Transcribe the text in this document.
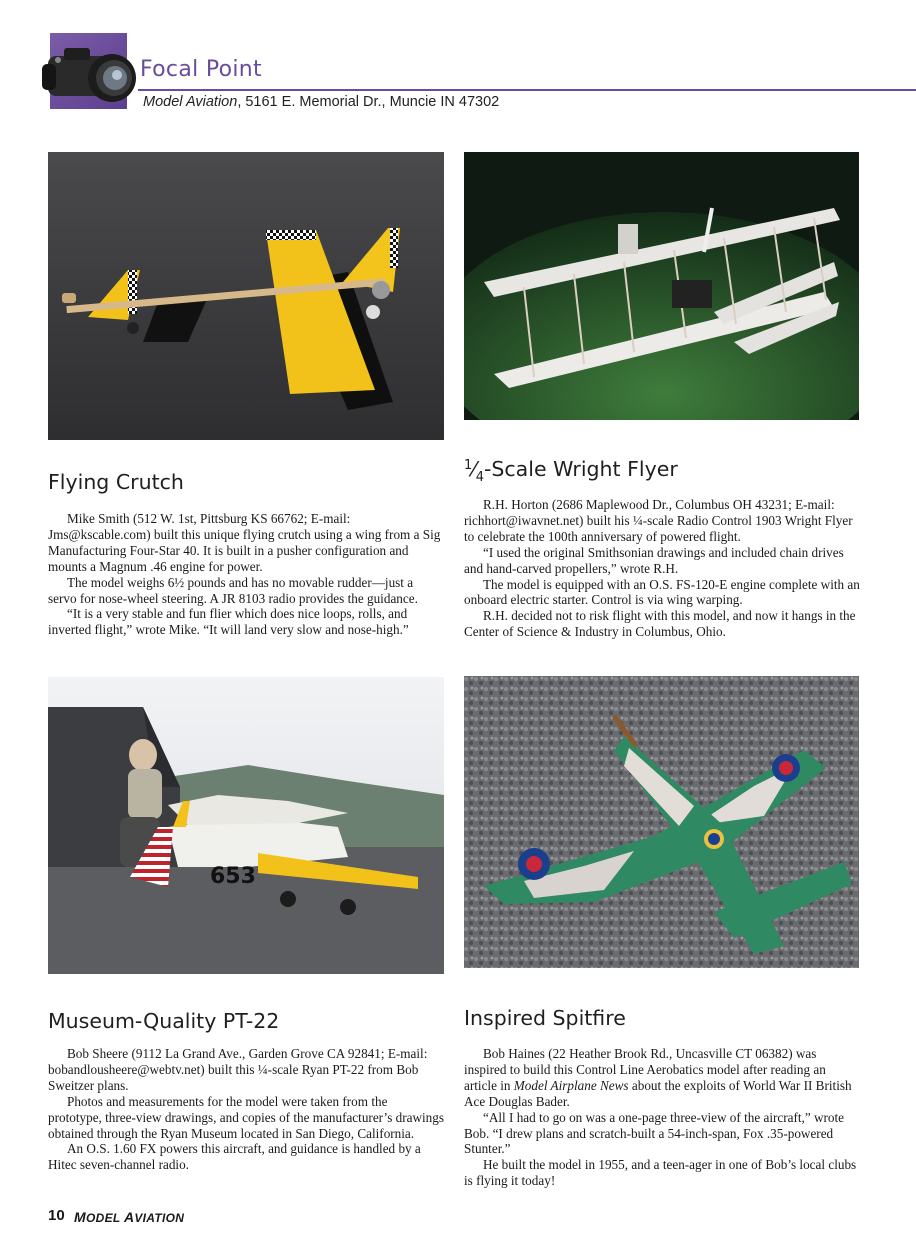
Focal Point
Model Aviation, 5161 E. Memorial Dr., Muncie IN 47302
Flying Crutch

Mike Smith (512 W. 1st, Pittsburg KS 66762; E-mail: Jms@kscable.com) built this unique flying crutch using a wing from a Sig Manufacturing Four-Star 40. It is built in a pusher configuration and mounts a Magnum .46 engine for power.

The model weighs 6½ pounds and has no movable rudder—just a servo for nose-wheel steering. A JR 8103 radio provides the guidance.

“It is a very stable and fun flier which does nice loops, rolls, and inverted flight,” wrote Mike. “It will land very slow and nose-high.”

$^1⁄_4$-Scale Wright Flyer

R.H. Horton (2686 Maplewood Dr., Columbus OH 43231; E-mail: richhort@iwavnet.net) built his ¼-scale Radio Control 1903 Wright Flyer to celebrate the 100th anniversary of powered flight.

“I used the original Smithsonian drawings and included chain drives and hand-carved propellers,” wrote R.H.

The model is equipped with an O.S. FS-120-E engine complete with an onboard electric starter. Control is via wing warping.

R.H. decided not to risk flight with this model, and now it hangs in the Center of Science & Industry in Columbus, Ohio.

653
Museum-Quality PT-22

Bob Sheere (9112 La Grand Ave., Garden Grove CA 92841; E-mail: bobandlousheere@webtv.net) built this ¼-scale Ryan PT-22 from Bob Sweitzer plans.

Photos and measurements for the model were taken from the prototype, three-view drawings, and copies of the manufacturer’s drawings obtained through the Ryan Museum located in San Diego, California.

An O.S. 1.60 FX powers this aircraft, and guidance is handled by a Hitec seven-channel radio.

Inspired Spitfire

Bob Haines (22 Heather Brook Rd., Uncasville CT 06382) was inspired to build this Control Line Aerobatics model after reading an article in Model Airplane News about the exploits of World War II British Ace Douglas Bader.

“All I had to go on was a one-page three-view of the aircraft,” wrote Bob. “I drew plans and scratch-built a 54-inch-span, Fox .35-powered Stunter.”

He built the model in 1955, and a teen-ager in one of Bob’s local clubs is flying it today!

10 MODEL AVIATION
